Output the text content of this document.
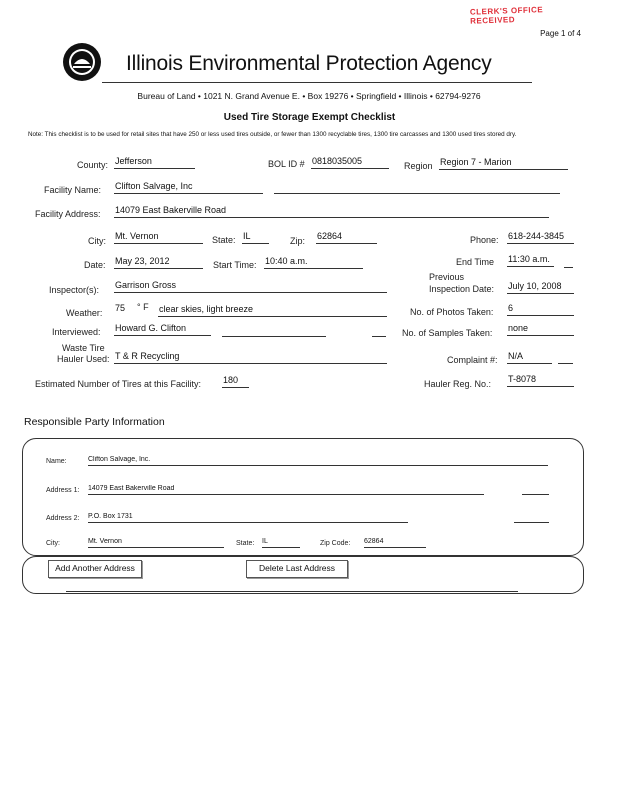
CLERK'S OFFICE RECEIVED
Page 1 of 4
Illinois Environmental Protection Agency
Bureau of Land • 1021 N. Grand Avenue E. • Box 19276 • Springfield • Illinois • 62794-9276
Used Tire Storage Exempt Checklist
Note: This checklist is to be used for retail sites that have 250 or less used tires outside, or fewer than 1300 recyclable tires, 1300 tire carcasses and 1300 used tires stored dry.
County: Jefferson	BOL ID # 0818035005	Region Region 7 - Marion
Facility Name: Clifton Salvage, Inc
Facility Address: 14079 East Bakerville Road
City: Mt. Vernon	State: IL	Zip: 62864	Phone: 618-244-3845
Date: May 23, 2012	Start Time: 10:40 a.m.	End Time 11:30 a.m.
Inspector(s): Garrison Gross
Previous
Inspection Date: July 10, 2008
Weather: 75	° F clear skies, light breeze	No. of Photos Taken: 6
Interviewed: Howard G. Clifton	No. of Samples Taken: none
Waste Tire
Hauler Used: T & R Recycling	Complaint #: N/A
Estimated Number of Tires at this Facility: 180	Hauler Reg. No.: T-8078
Responsible Party Information
Name:	Clifton Salvage, Inc.
Address 1: 14079 East Bakerville Road
Address 2: P.O. Box 1731
City:	Mt. Vernon	State: IL	Zip Code: 62864
Add Another Address	Delete Last Address
